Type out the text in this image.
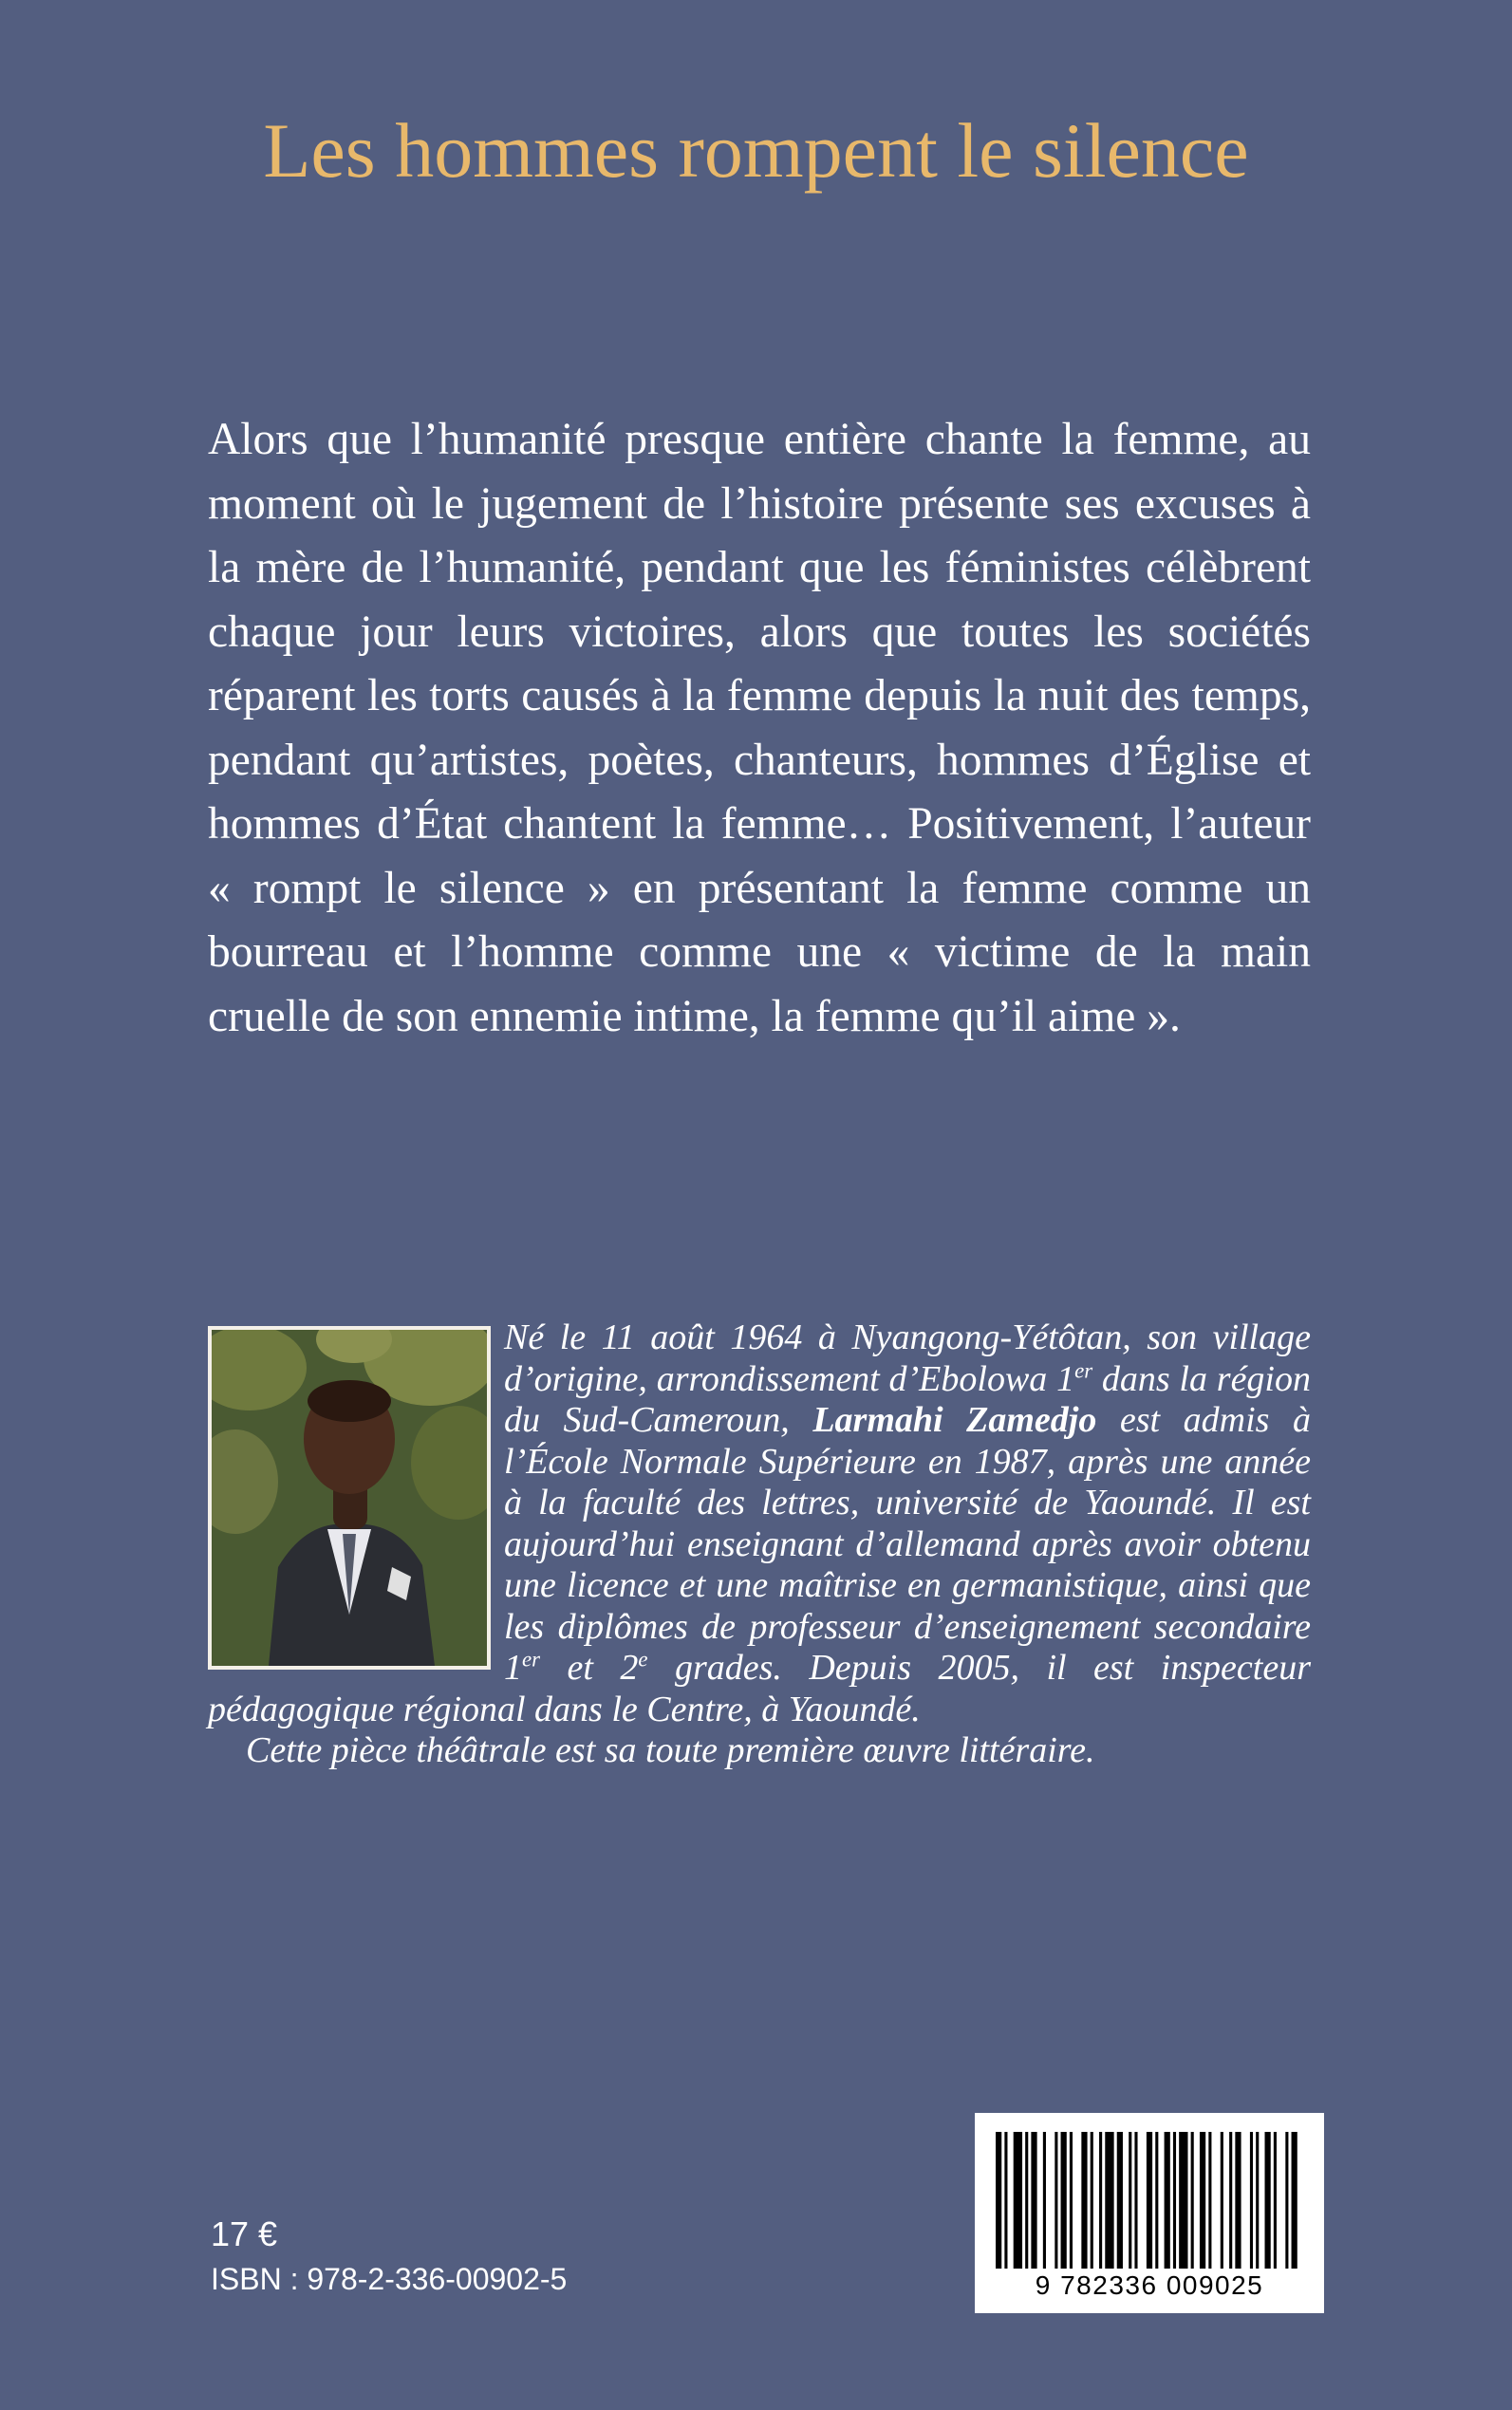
Les hommes rompent le silence

Alors que l’humanité presque entière chante la femme, au moment où le jugement de l’histoire présente ses excuses à la mère de l’humanité, pendant que les féministes célèbrent chaque jour leurs victoires, alors que toutes les sociétés réparent les torts causés à la femme depuis la nuit des temps, pendant qu’artistes, poètes, chanteurs, hommes d’Église et hommes d’État chantent la femme… Positivement, l’auteur « rompt le silence » en présentant la femme comme un bourreau et l’homme comme une « victime de la main cruelle de son ennemie intime, la femme qu’il aime ».

Né le 11 août 1964 à Nyangong-Yétôtan, son village d’origine, arrondissement d’Ebolowa 1er dans la région du Sud-Cameroun, Larmahi Zamedjo est admis à l’École Normale Supérieure en 1987, après une année à la faculté des lettres, université de Yaoundé. Il est aujourd’hui enseignant d’allemand après avoir obtenu une licence et une maîtrise en germanistique, ainsi que les diplômes de professeur d’enseignement secondaire 1er et 2e grades. Depuis 2005, il est inspecteur pédagogique régional dans le Centre, à Yaoundé.
Cette pièce théâtrale est sa toute première œuvre littéraire.

17 €
ISBN : 978-2-336-00902-5	9 782336 009025
